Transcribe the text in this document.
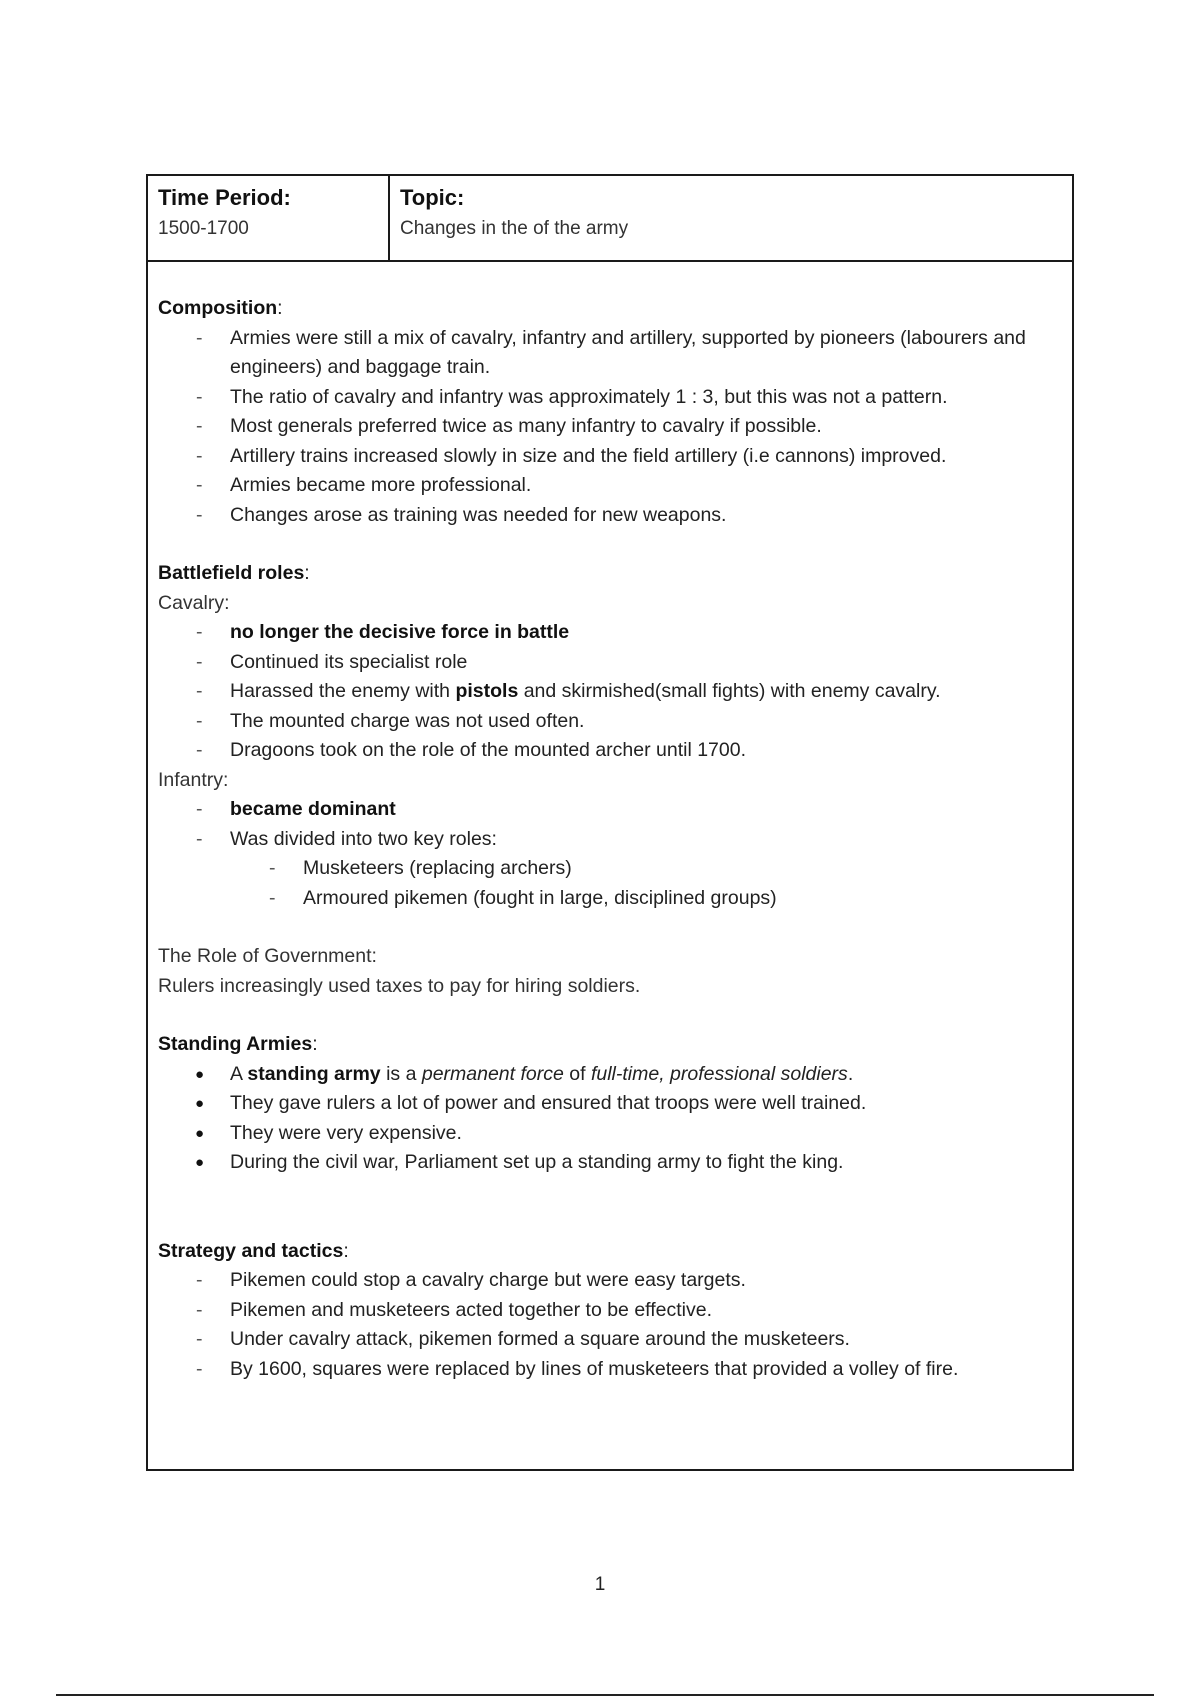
Time Period:
1500-1700
Topic:
Changes in the of the army
Composition:
- Armies were still a mix of cavalry, infantry and artillery, supported by pioneers (labourers and engineers) and baggage train.
- The ratio of cavalry and infantry was approximately 1 : 3, but this was not a pattern.
- Most generals preferred twice as many infantry to cavalry if possible.
- Artillery trains increased slowly in size and the field artillery (i.e cannons) improved.
- Armies became more professional.
- Changes arose as training was needed for new weapons.
Battlefield roles:
Cavalry:
- no longer the decisive force in battle
- Continued its specialist role
- Harassed the enemy with pistols and skirmished(small fights) with enemy cavalry.
- The mounted charge was not used often.
- Dragoons took on the role of the mounted archer until 1700.
Infantry:
- became dominant
- Was divided into two key roles:
- Musketeers (replacing archers)
- Armoured pikemen (fought in large, disciplined groups)
The Role of Government:
Rulers increasingly used taxes to pay for hiring soldiers.
Standing Armies:
● A standing army is a permanent force of full-time, professional soldiers.
● They gave rulers a lot of power and ensured that troops were well trained.
● They were very expensive.
● During the civil war, Parliament set up a standing army to fight the king.
Strategy and tactics:
- Pikemen could stop a cavalry charge but were easy targets.
- Pikemen and musketeers acted together to be effective.
- Under cavalry attack, pikemen formed a square around the musketeers.
- By 1600, squares were replaced by lines of musketeers that provided a volley of fire.
1
